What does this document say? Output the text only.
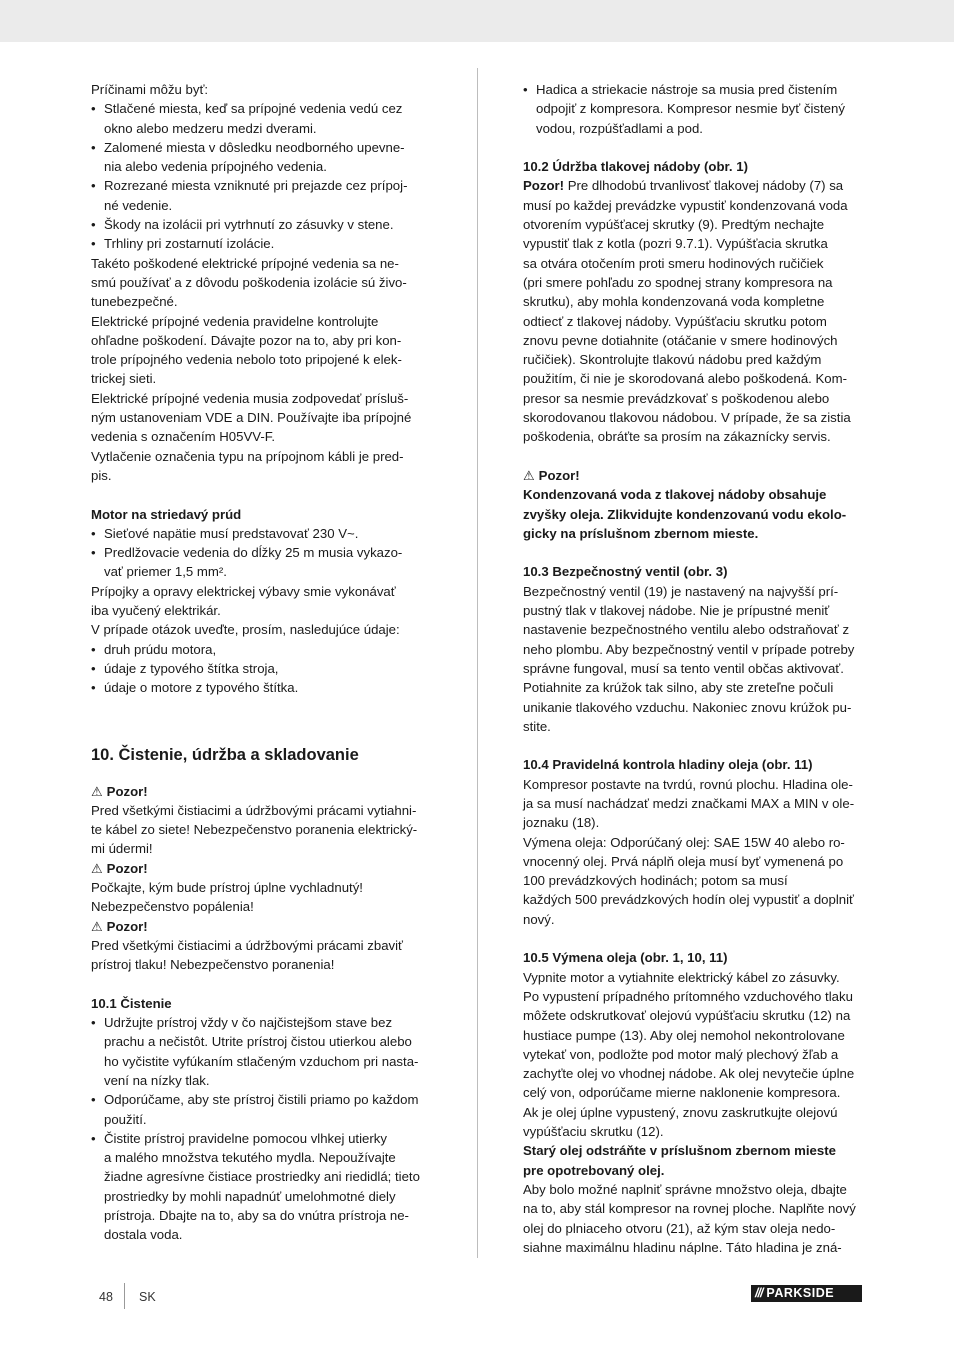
Príčinami môžu byť:

• Stlačené miesta, keď sa prípojné vedenia vedú cez

okno alebo medzeru medzi dverami.

• Zalomené miesta v dôsledku neodborného upevne-

nia alebo vedenia prípojného vedenia.

• Rozrezané miesta vzniknuté pri prejazde cez prípoj-

né vedenie.

• Škody na izolácii pri vytrhnutí zo zásuvky v stene.

• Trhliny pri zostarnutí izolácie.

Takéto poškodené elektrické prípojné vedenia sa ne-

smú používať a z dôvodu poškodenia izolácie sú živo-

tunebezpečné.

Elektrické prípojné vedenia pravidelne kontrolujte

ohľadne poškodení. Dávajte pozor na to, aby pri kon-

trole prípojného vedenia nebolo toto pripojené k elek-

trickej sieti.

Elektrické prípojné vedenia musia zodpovedať prísluš-

ným ustanoveniam VDE a DIN. Používajte iba prípojné

vedenia s označením H05VV-F.

Vytlačenie označenia typu na prípojnom kábli je pred-

pis.

Motor na striedavý prúd

• Sieťové napätie musí predstavovať 230 V~.

• Predlžovacie vedenia do dĺžky 25 m musia vykazo-

vať priemer 1,5 mm².

Prípojky a opravy elektrickej výbavy smie vykonávať

iba vyučený elektrikár.

V prípade otázok uveďte, prosím, nasledujúce údaje:

• druh prúdu motora,

• údaje z typového štítka stroja,

• údaje o motore z typového štítka.

10. Čistenie, údržba a skladovanie

⚠ Pozor!

Pred všetkými čistiacimi a údržbovými prácami vytiahni-

te kábel zo siete! Nebezpečenstvo poranenia elektrický-

mi údermi!

⚠ Pozor!

Počkajte, kým bude prístroj úplne vychladnutý!

Nebezpečenstvo popálenia!

⚠ Pozor!

Pred všetkými čistiacimi a údržbovými prácami zbaviť

prístroj tlaku! Nebezpečenstvo poranenia!

10.1 Čistenie

• Udržujte prístroj vždy v čo najčistejšom stave bez

prachu a nečistôt. Utrite prístroj čistou utierkou alebo

ho vyčistite vyfúkaním stlačeným vzduchom pri nasta-

vení na nízky tlak.

• Odporúčame, aby ste prístroj čistili priamo po každom

použití.

• Čistite prístroj pravidelne pomocou vlhkej utierky

a malého množstva tekutého mydla. Nepoužívajte

žiadne agresívne čistiace prostriedky ani riedidlá; tieto

prostriedky by mohli napadnúť umelohmotné diely

prístroja. Dbajte na to, aby sa do vnútra prístroja ne-

dostala voda.

• Hadica a striekacie nástroje sa musia pred čistením

odpojiť z kompresora. Kompresor nesmie byť čistený

vodou, rozpúšťadlami a pod.

10.2 Údržba tlakovej nádoby (obr. 1)

Pozor! Pre dlhodobú trvanlivosť tlakovej nádoby (7) sa

musí po každej prevádzke vypustiť kondenzovaná voda

otvorením vypúšťacej skrutky (9). Predtým nechajte

vypustiť tlak z kotla (pozri 9.7.1). Vypúšťacia skrutka

sa otvára otočením proti smeru hodinových ručičiek

(pri smere pohľadu zo spodnej strany kompresora na

skrutku), aby mohla kondenzovaná voda kompletne

odtiecť z tlakovej nádoby. Vypúšťaciu skrutku potom

znovu pevne dotiahnite (otáčanie v smere hodinových

ručičiek). Skontrolujte tlakovú nádobu pred každým

použitím, či nie je skorodovaná alebo poškodená. Kom-

presor sa nesmie prevádzkovať s poškodenou alebo

skorodovanou tlakovou nádobou. V prípade, že sa zistia

poškodenia, obráťte sa prosím na zákaznícky servis.

⚠ Pozor!

Kondenzovaná voda z tlakovej nádoby obsahuje

zvyšky oleja. Zlikvidujte kondenzovanú vodu ekolo-

gicky na príslušnom zbernom mieste.

10.3 Bezpečnostný ventil (obr. 3)

Bezpečnostný ventil (19) je nastavený na najvyšší prí-

pustný tlak v tlakovej nádobe. Nie je prípustné meniť

nastavenie bezpečnostného ventilu alebo odstraňovať z

neho plombu. Aby bezpečnostný ventil v prípade potreby

správne fungoval, musí sa tento ventil občas aktivovať.

Potiahnite za krúžok tak silno, aby ste zreteľne počuli

unikanie tlakového vzduchu. Nakoniec znovu krúžok pu-

stite.

10.4 Pravidelná kontrola hladiny oleja (obr. 11)

Kompresor postavte na tvrdú, rovnú plochu. Hladina ole-

ja sa musí nachádzať medzi značkami MAX a MIN v ole-

joznaku (18).

Výmena oleja: Odporúčaný olej: SAE 15W 40 alebo ro-

vnocenný olej. Prvá náplň oleja musí byť vymenená po

100 prevádzkových hodinách; potom sa musí

každých 500 prevádzkových hodín olej vypustiť a doplniť

nový.

10.5 Výmena oleja (obr. 1, 10, 11)

Vypnite motor a vytiahnite elektrický kábel zo zásuvky.

Po vypustení prípadného prítomného vzduchového tlaku

môžete odskrutkovať olejovú vypúšťaciu skrutku (12) na

hustiace pumpe (13). Aby olej nemohol nekontrolovane

vytekať von, podložte pod motor malý plechový žľab a

zachyťte olej vo vhodnej nádobe. Ak olej nevytečie úplne

celý von, odporúčame mierne naklonenie kompresora.

Ak je olej úplne vypustený, znovu zaskrutkujte olejovú

vypúšťaciu skrutku (12).

Starý olej odstráňte v príslušnom zbernom mieste

pre opotrebovaný olej.

Aby bolo možné naplniť správne množstvo oleja, dbajte

na to, aby stál kompresor na rovnej ploche. Naplňte nový

olej do plniaceho otvoru (21), až kým stav oleja nedo-

siahne maximálnu hladinu náplne. Táto hladina je zná-

48 SK	/// PARKSIDE
